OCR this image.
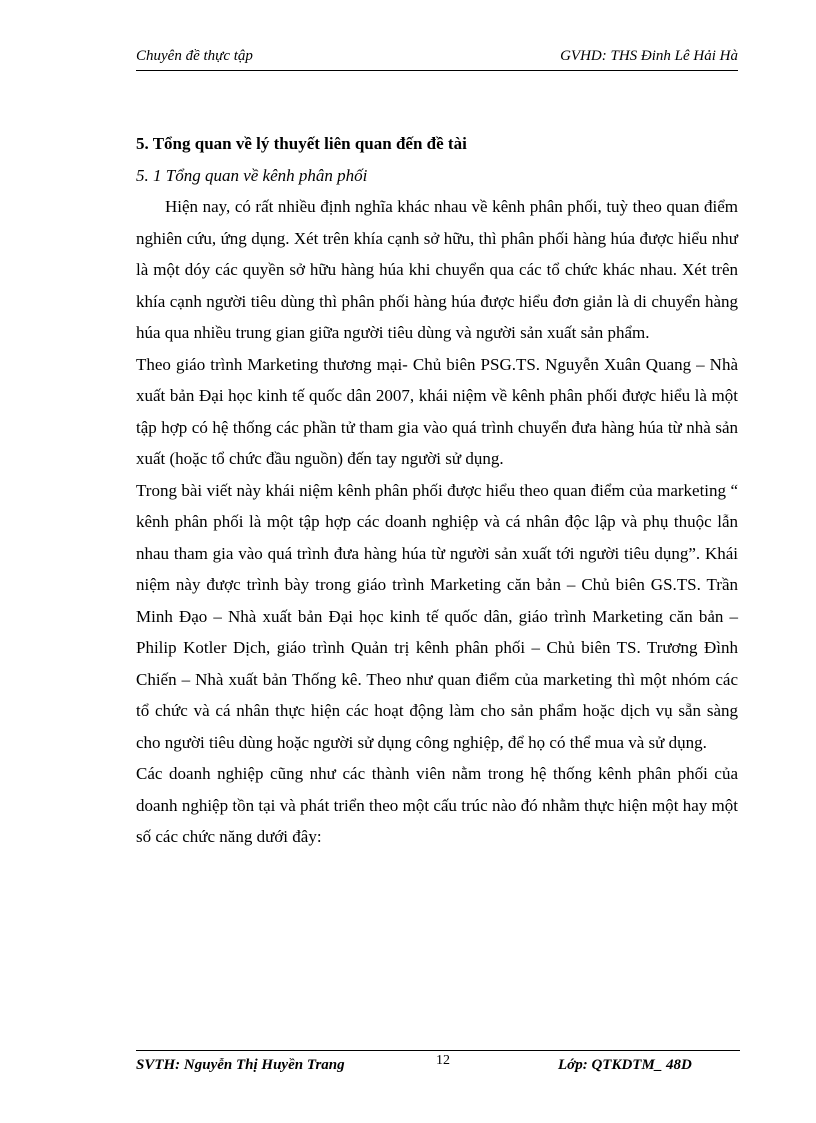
Chuyên đề thực tập	GVHD: THS Đinh Lê Hải Hà

5. Tổng quan về lý thuyết liên quan đến đề tài

5. 1 Tổng quan về kênh phân phối

Hiện nay, có rất nhiều định nghĩa khác nhau về kênh phân phối, tuỳ theo quan điểm nghiên cứu, ứng dụng. Xét trên khía cạnh sở hữu, thì phân phối hàng húa được hiểu như là một dóy các quyền sở hữu hàng húa khi chuyển qua các tổ chức khác nhau. Xét trên khía cạnh người tiêu dùng thì phân phối hàng húa được hiểu đơn giản là di chuyển hàng húa qua nhiều trung gian giữa người tiêu dùng và người sản xuất sản phẩm.

Theo giáo trình Marketing thương mại- Chủ biên PSG.TS. Nguyễn Xuân Quang – Nhà xuất bản Đại học kinh tế quốc dân 2007, khái niệm về kênh phân phối được hiểu là một tập hợp có hệ thống các phần tử tham gia vào quá trình chuyển đưa hàng húa từ nhà sản xuất (hoặc tổ chức đầu nguồn) đến tay người sử dụng.

Trong bài viết này khái niệm kênh phân phối được hiểu theo quan điểm của marketing “ kênh phân phối là một tập hợp các doanh nghiệp và cá nhân độc lập và phụ thuộc lẫn nhau tham gia vào quá trình đưa hàng húa từ người sản xuất tới người tiêu dụng”. Khái niệm này được trình bày trong giáo trình Marketing căn bản – Chủ biên GS.TS. Trần Minh Đạo – Nhà xuất bản Đại học kinh tế quốc dân, giáo trình Marketing căn bản – Philip Kotler Dịch, giáo trình Quản trị kênh phân phối – Chủ biên TS. Trương Đình Chiến – Nhà xuất bản Thống kê. Theo như quan điểm của marketing thì một nhóm các tổ chức và cá nhân thực hiện các hoạt động làm cho sản phẩm hoặc dịch vụ sẵn sàng cho người tiêu dùng hoặc người sử dụng công nghiệp, để họ có thể mua và sử dụng.

Các doanh nghiệp cũng như các thành viên nằm trong hệ thống kênh phân phối của doanh nghiệp tồn tại và phát triển theo một cấu trúc nào đó nhằm thực hiện một hay một số các chức năng dưới đây:

SVTH: Nguyễn Thị Huyền Trang	12	Lớp: QTKDTM_ 48D
